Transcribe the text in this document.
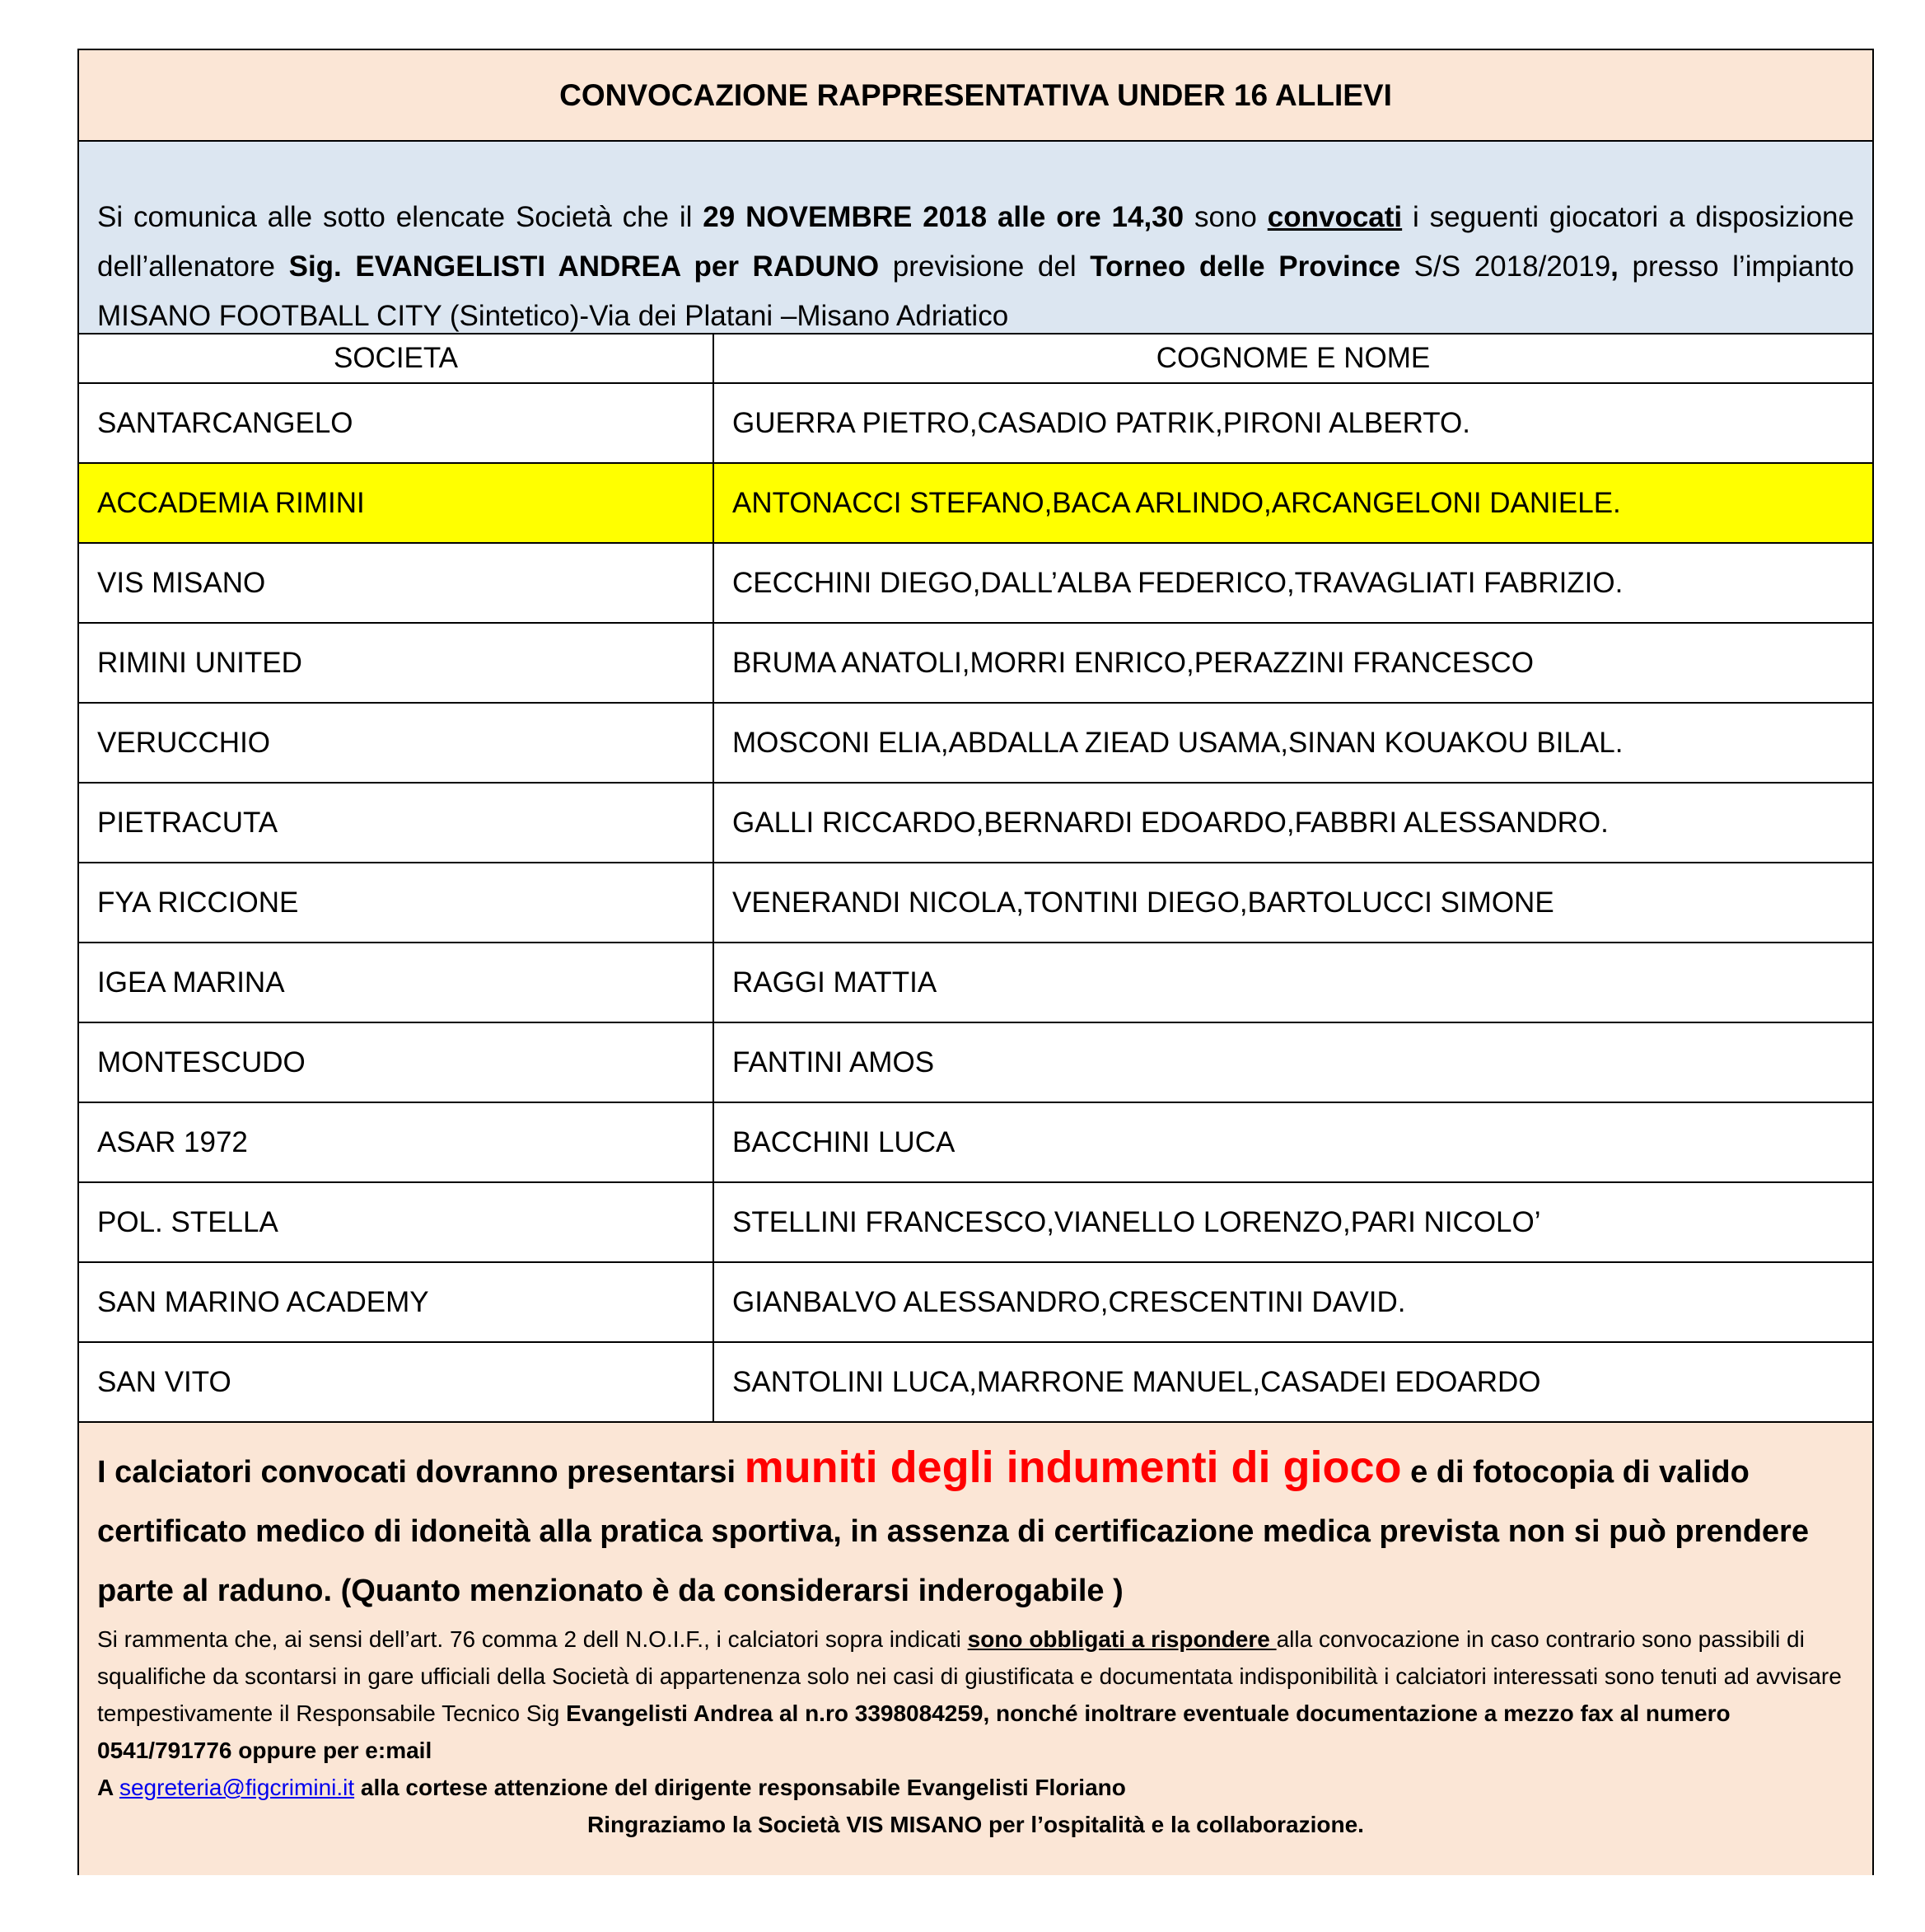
CONVOCAZIONE RAPPRESENTATIVA UNDER 16 ALLIEVI
Si comunica alle sotto elencate Società che il 29 NOVEMBRE 2018 alle ore 14,30 sono convocati i seguenti giocatori a disposizione dell’allenatore Sig. EVANGELISTI ANDREA per RADUNO previsione del Torneo delle Province S/S 2018/2019, presso l’impianto MISANO FOOTBALL CITY (Sintetico)-Via dei Platani –Misano Adriatico
SOCIETA	COGNOME E NOME
SANTARCANGELO	GUERRA PIETRO,CASADIO PATRIK,PIRONI ALBERTO.
ACCADEMIA RIMINI	ANTONACCI STEFANO,BACA ARLINDO,ARCANGELONI DANIELE.
VIS MISANO	CECCHINI DIEGO,DALL’ALBA FEDERICO,TRAVAGLIATI FABRIZIO.
RIMINI UNITED	BRUMA ANATOLI,MORRI ENRICO,PERAZZINI FRANCESCO
VERUCCHIO	MOSCONI ELIA,ABDALLA ZIEAD USAMA,SINAN KOUAKOU BILAL.
PIETRACUTA	GALLI RICCARDO,BERNARDI EDOARDO,FABBRI ALESSANDRO.
FYA RICCIONE	VENERANDI NICOLA,TONTINI DIEGO,BARTOLUCCI SIMONE
IGEA MARINA	RAGGI MATTIA
MONTESCUDO	FANTINI AMOS
ASAR 1972	BACCHINI LUCA
POL. STELLA	STELLINI FRANCESCO,VIANELLO LORENZO,PARI NICOLO’
SAN MARINO ACADEMY	GIANBALVO ALESSANDRO,CRESCENTINI DAVID.
SAN VITO	SANTOLINI LUCA,MARRONE MANUEL,CASADEI EDOARDO
I calciatori convocati dovranno presentarsi muniti degli indumenti di gioco e di fotocopia di valido certificato medico di idoneità alla pratica sportiva, in assenza di certificazione medica prevista non si può prendere parte al raduno. (Quanto menzionato è da considerarsi inderogabile )
Si rammenta che, ai sensi dell’art. 76 comma 2 dell N.O.I.F., i calciatori sopra indicati sono obbligati a rispondere alla convocazione in caso contrario sono passibili di squalifiche da scontarsi in gare ufficiali della Società di appartenenza solo nei casi di giustificata e documentata indisponibilità i calciatori interessati sono tenuti ad avvisare tempestivamente il Responsabile Tecnico Sig Evangelisti Andrea al n.ro 3398084259, nonché inoltrare eventuale documentazione a mezzo fax al numero 0541/791776 oppure per e:mail
A segreteria@figcrimini.it alla cortese attenzione del dirigente responsabile Evangelisti Floriano
Ringraziamo la Società VIS MISANO per l’ospitalità e la collaborazione.
